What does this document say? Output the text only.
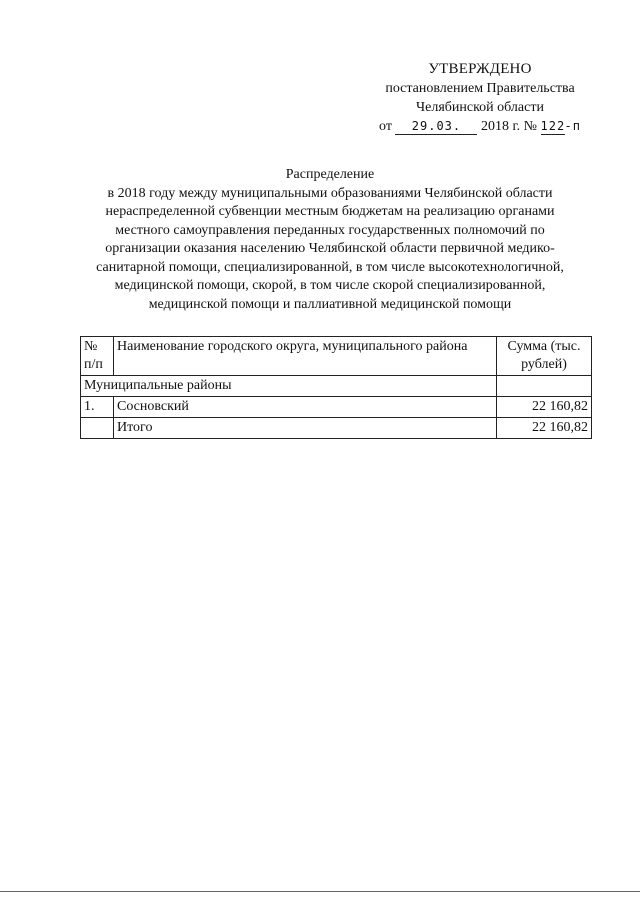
УТВЕРЖДЕНО
постановлением Правительства
Челябинской области
от 29.03. 2018 г. № 122-п
Распределение
в 2018 году между муниципальными образованиями Челябинской области
нераспределенной субвенции местным бюджетам на реализацию органами
местного самоуправления переданных государственных полномочий по
организации оказания населению Челябинской области первичной медико-
санитарной помощи, специализированной, в том числе высокотехнологичной,
медицинской помощи, скорой, в том числе скорой специализированной,
медицинской помощи и паллиативной медицинской помощи
№ п/п	Наименование городского округа, муниципального района	Сумма (тыс. рублей)
Муниципальные районы		
1.	Сосновский	22 160,82
	Итого	22 160,82
